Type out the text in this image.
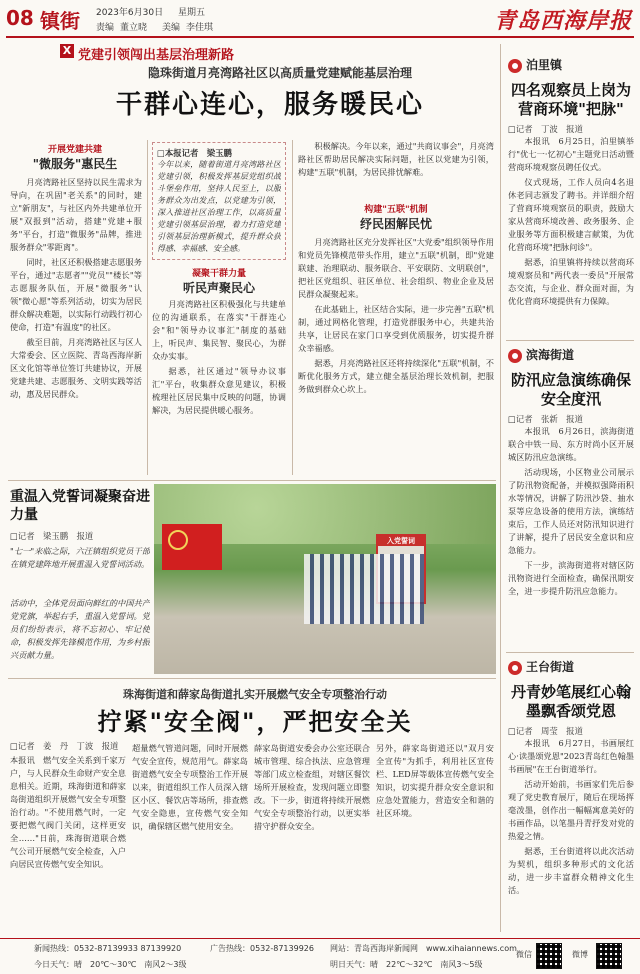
08 镇街 2023年6月30日 星期五
责编 董立晓 美编 李佳琪	青岛西海岸报
X 党建引领闯出基层治理新路
隐珠街道月亮湾路社区以高质量党建赋能基层治理
干群心连心，服务暖民心
开展党建共建
"微服务"惠民生

月亮湾路社区坚持以民生需求为导向，在巩固"老关系"的同时，建立"新朋友"，与社区内外共建单位开展"双报到"活动，搭建"党建+服务"平台，打造"微服务"品牌，推进服务群众"零距离"。

同时，社区还积极搭建志愿服务平台，通过"志愿者""党员""楼长"等志愿服务队伍，开展"微服务"认领"微心愿"等系列活动，切实为居民群众解决难题，以实际行动践行初心使命，打造"有温度"的社区。

截至目前，月亮湾路社区与区人大常委会、区立医院、青岛西海岸新区文化馆等单位签订共建协议，开展党建共建、志愿服务、文明实践等活动，惠及居民群众。

□本报记者　梁玉鹏
今年以来，随着街道月亮湾路社区党建引领，积极发挥基层党组织战斗堡垒作用，坚持人民至上，以服务群众为出发点，以党建为引领，深入推进社区治理工作，以高质量党建引领基层治理，着力打造党建引领基层治理新模式，提升群众获得感、幸福感、安全感。
凝聚干群力量
听民声聚民心

月亮湾路社区积极强化与共建单位的沟通联系，在落实"干群连心会"和"领导办议事汇"制度的基础上，听民声、集民智、聚民心，为群众办实事。

据悉，社区通过"领导办议事汇"平台，收集群众意见建议，积极梳理社区居民集中反映的问题，协调解决，为居民提供暖心服务。

积极解决。今年以来，通过"共商议事会"，月亮湾路社区帮助居民解决实际问题，社区以党建为引领，构建"五联"机制，为居民排忧解难。

构建"五联"机制
纾民困解民忧

月亮湾路社区充分发挥社区"大党委"组织领导作用和党员先锋模范带头作用，建立"五联"机制，即"党建联建、治理联动、服务联合、平安联防、文明联创"，把社区党组织、驻区单位、社会组织、物业企业及居民群众凝聚起来。

在此基础上，社区结合实际，进一步完善"五联"机制，通过网格化管理，打造党群服务中心，共建共治共享，让居民在家门口享受到优质服务，切实提升群众幸福感。

据悉，月亮湾路社区还将持续深化"五联"机制，不断优化服务方式，建立健全基层治理长效机制，把服务做到群众心坎上。

重温入党誓词凝聚奋进力量
□记者　梁玉鹏　报道
"七一"来临之际，六汪镇组织党员干部在镇党建阵地开展重温入党誓词活动。
活动中，全体党员面向鲜红的中国共产党党旗，举起右手，重温入党誓词。党员们纷纷表示，将不忘初心、牢记使命，积极发挥先锋模范作用，为乡村振兴贡献力量。
入党誓词
珠海街道和薛家岛街道扎实开展燃气安全专项整治行动
拧紧"安全阀"，严把安全关
□记者　姜　丹　丁波　报道
本报讯　燃气安全关系到千家万户，与人民群众生命财产安全息息相关。近期，珠海街道和薛家岛街道组织开展燃气安全专项整治行动。"不使用燃气时，一定要把燃气阀门关闭，这样更安全……"日前，珠海街道联合燃气公司开展燃气安全检查，入户向居民宣传燃气安全知识。
超量燃气管道问题，同时开展燃气安全宣传，规范用气。薛家岛街道燃气安全专项整治工作开展以来，街道组织工作人员深入辖区小区、餐饮店等场所，排查燃气安全隐患，宣传燃气安全知识，确保辖区燃气使用安全。
薛家岛街道安委会办公室还联合城市管理、综合执法、应急管理等部门成立检查组，对辖区餐饮场所开展检查，发现问题立即整改。下一步，街道将持续开展燃气安全专项整治行动，以更实举措守护群众安全。
另外，薛家岛街道还以"双月安全宣传"为抓手，利用社区宣传栏、LED屏等载体宣传燃气安全知识，切实提升群众安全意识和应急处置能力，营造安全和谐的社区环境。
泊里镇
四名观察员上岗为营商环境"把脉"
□记者　丁波　报道

本报讯　6月25日，泊里镇举行"优七一·忆初心"主题党日活动暨营商环境观察员聘任仪式。

仪式现场，工作人员向4名退休老同志颁发了聘书。并详细介绍了营商环境观察员的职责，鼓励大家从营商环境改善、政务服务、企业服务等方面积极建言献策，为优化营商环境"把脉问诊"。

据悉，泊里镇将持续以营商环境观察员和"两代表一委员"开展常态交流，与企业、群众面对面，为优化营商环境提供有力保障。

滨海街道
防汛应急演练确保安全度汛
□记者　张新　报道

本报讯　6月26日，滨海街道联合中铁一局、东方时尚小区开展城区防汛应急演练。

活动现场，小区物业公司展示了防汛物资配备，并模拟强降雨积水等情况，讲解了防汛沙袋、抽水泵等应急设备的使用方法，演练结束后，工作人员还对防汛知识进行了讲解，提升了居民安全意识和应急能力。

下一步，滨海街道将对辖区防汛物资进行全面检查，确保汛期安全，进一步提升防汛应急能力。

王台街道
丹青妙笔展红心翰墨飘香颂党恩
□记者　周莹　报道

本报讯　6月27日，书画展红心·读墨颂党恩"2023青岛红色翰墨书画展"在王台街道举行。

活动开始前，书画家们先后参观了党史教育展厅，随后在现场挥毫泼墨，创作出一幅幅寓意美好的书画作品，以笔墨丹青抒发对党的热爱之情。

据悉，王台街道将以此次活动为契机，组织多种形式的文化活动，进一步丰富群众精神文化生活。

新闻热线：0532-87139933 87139920	广告热线：0532-87139926 网站：青岛西海岸新闻网　www.xihaiannews.com
今日天气：晴　20℃～30℃　南风2～3级	明日天气：晴　22℃～32℃　南风3～5级
微信	微博
